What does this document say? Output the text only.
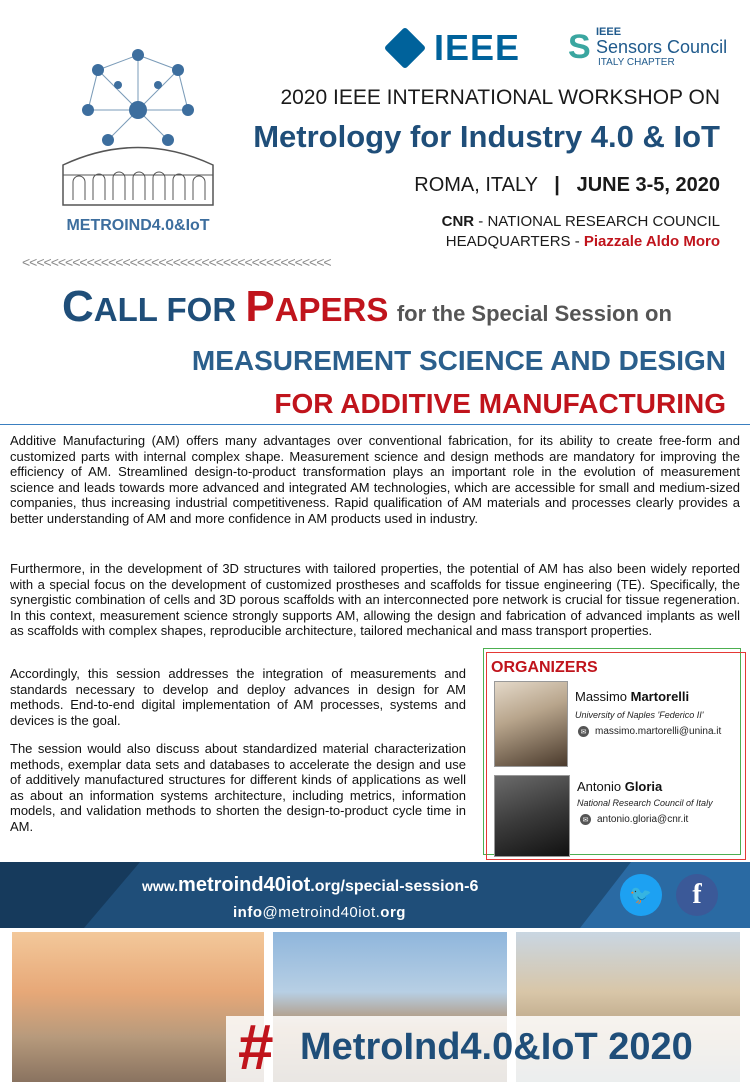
METROIND4.0&IoT
IEEE S IEEE
Sensors Council
ITALY CHAPTER
2020 IEEE INTERNATIONAL WORKSHOP ON
Metrology for Industry 4.0 & IoT
ROMA, ITALY | JUNE 3-5, 2020
CNR - NATIONAL RESEARCH COUNCIL
HEADQUARTERS - Piazzale Aldo Moro
<<<<<<<<<<<<<<<<<<<<<<<<<<<<<<<<<<<<<<<<<<<
CALL FOR PAPERS for the Special Session on
MEASUREMENT SCIENCE AND DESIGN
FOR ADDITIVE MANUFACTURING

Additive Manufacturing (AM) offers many advantages over conventional fabrication, for its ability to create free-form and customized parts with internal complex shape. Measurement science and design methods are mandatory for improving the efficiency of AM. Streamlined design-to-product transformation plays an important role in the evolution of measurement science and leads towards more advanced and integrated AM technologies, which are accessible for small and medium-sized companies, thus increasing industrial competitiveness. Rapid qualification of AM materials and processes clearly provides a better understanding of AM and more confidence in AM products used in industry.

Furthermore, in the development of 3D structures with tailored properties, the potential of AM has also been widely reported with a special focus on the development of customized prostheses and scaffolds for tissue engineering (TE). Specifically, the synergistic combination of cells and 3D porous scaffolds with an interconnected pore network is crucial for tissue regeneration. In this context, measurement science strongly supports AM, allowing the design and fabrication of advanced implants as well as scaffolds with complex shapes, reproducible architecture, tailored mechanical and mass transport properties.

Accordingly, this session addresses the integration of measurements and standards necessary to develop and deploy advances in design for AM methods. End-to-end digital implementation of AM processes, systems and devices is the goal.

The session would also discuss about standardized material characterization methods, exemplar data sets and databases to accelerate the design and use of additively manufactured structures for different kinds of applications as well as about an information systems architecture, including metrics, information models, and validation methods to shorten the design-to-product cycle time in AM.

ORGANIZERS
Massimo Martorelli
University of Naples 'Federico II'
✉ massimo.martorelli@unina.it
Antonio Gloria
National Research Council of Italy
✉ antonio.gloria@cnr.it
www.metroind40iot.org/special-session-6
info@metroind40iot.org
🐦	f
# MetroInd4.0&IoT 2020
